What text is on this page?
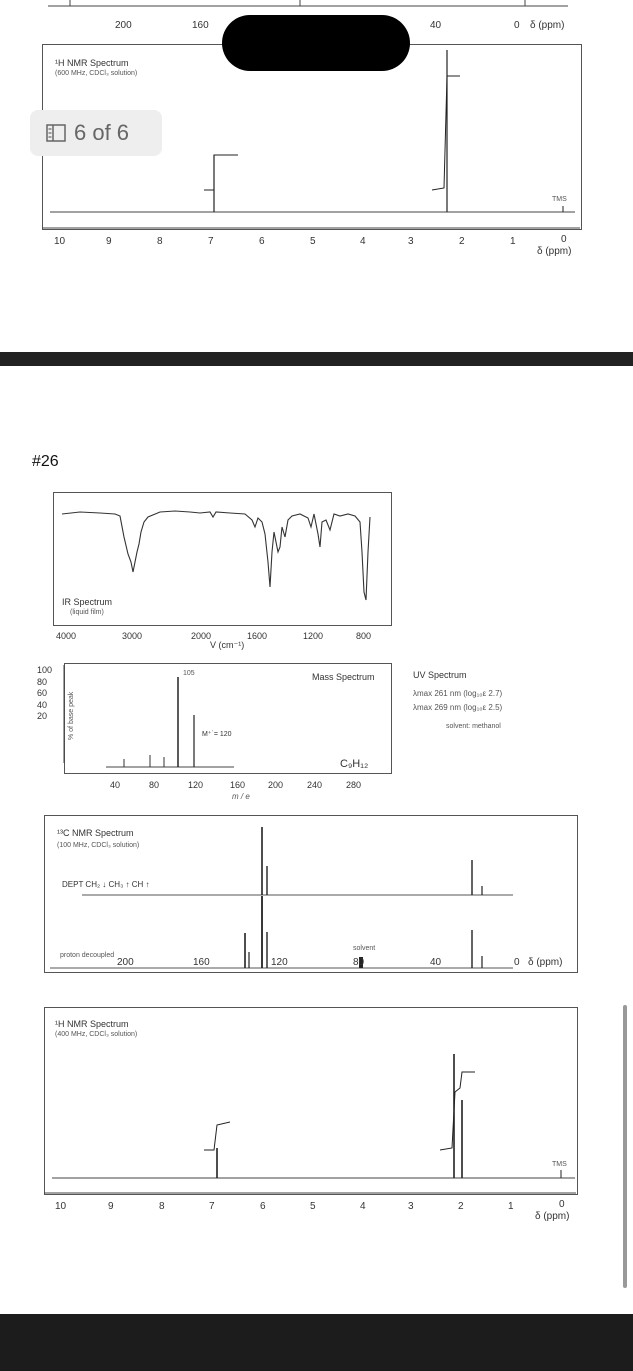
200	160	40	0 δ (ppm)
¹H NMR Spectrum
(600 MHz, CDCl₃ solution)
TMS
10	9	8	7	6	5	4	3	2	1	0
δ (ppm)
6 of 6
#26
IR Spectrum
(liquid film)
4000	3000	2000	1600	1200	800
V (cm⁻¹)
100
80
60
40
20	% of base peak
105
M⁺˙= 120
Mass Spectrum
C₉H₁₂
40	80	120	160	200	240	280
m / e
UV Spectrum
λmax 261 nm (log₁₀ε 2.7)
λmax 269 nm (log₁₀ε 2.5)
solvent: methanol
¹³C NMR Spectrum
(100 MHz, CDCl₃ solution)
DEPT CH₂ ↓ CH₃ ↑ CH ↑
proton decoupled
solvent
200	160	120	80	40	0 δ (ppm)
¹H NMR Spectrum
(400 MHz, CDCl₃ solution)
TMS
10	9	8	7	6	5	4	3	2	1	0
δ (ppm)
